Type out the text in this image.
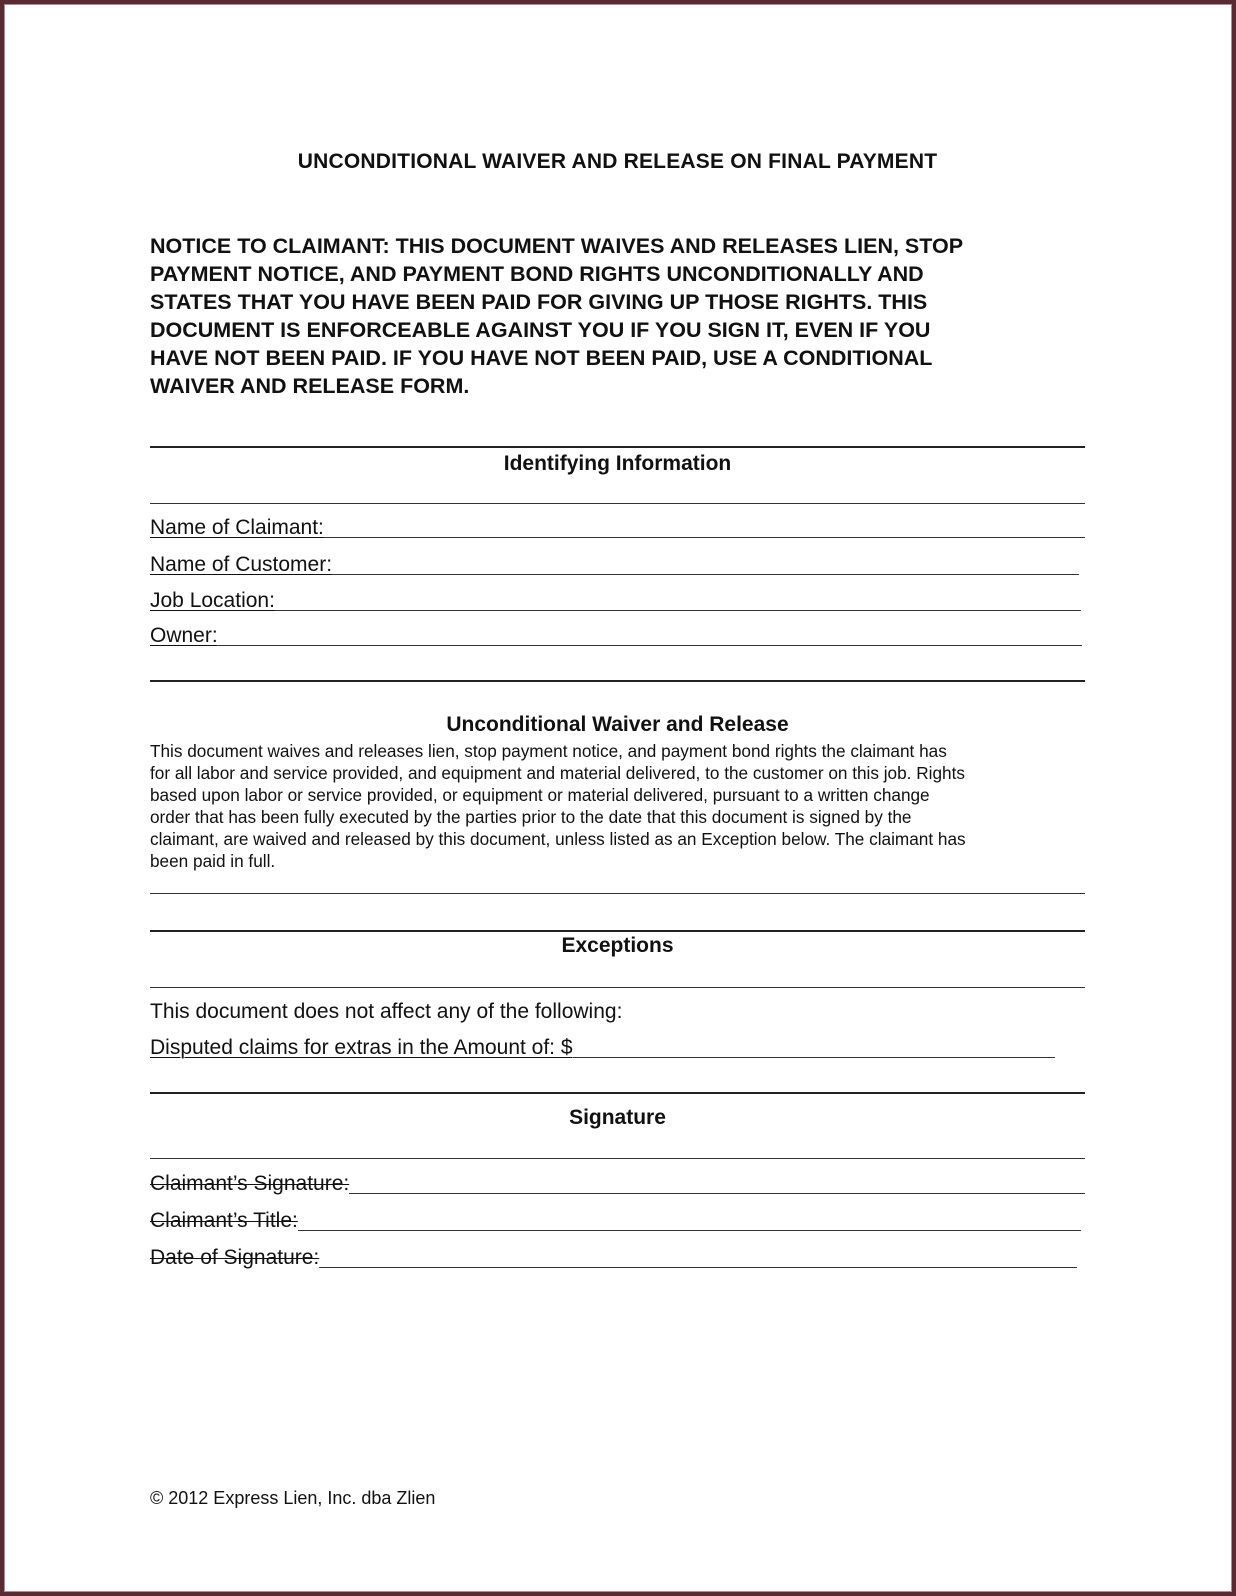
UNCONDITIONAL WAIVER AND RELEASE ON FINAL PAYMENT
NOTICE TO CLAIMANT: THIS DOCUMENT WAIVES AND RELEASES LIEN, STOP
PAYMENT NOTICE, AND PAYMENT BOND RIGHTS UNCONDITIONALLY AND
STATES THAT YOU HAVE BEEN PAID FOR GIVING UP THOSE RIGHTS. THIS
DOCUMENT IS ENFORCEABLE AGAINST YOU IF YOU SIGN IT, EVEN IF YOU
HAVE NOT BEEN PAID. IF YOU HAVE NOT BEEN PAID, USE A CONDITIONAL
WAIVER AND RELEASE FORM.
Identifying Information
Name of Claimant:
Name of Customer:
Job Location:
Owner:
Unconditional Waiver and Release
This document waives and releases lien, stop payment notice, and payment bond rights the claimant has
for all labor and service provided, and equipment and material delivered, to the customer on this job. Rights
based upon labor or service provided, or equipment or material delivered, pursuant to a written change
order that has been fully executed by the parties prior to the date that this document is signed by the
claimant, are waived and released by this document, unless listed as an Exception below. The claimant has
been paid in full.
Exceptions
This document does not affect any of the following:
Disputed claims for extras in the Amount of: $
Signature
Claimant’s Signature:
Claimant’s Title:
Date of Signature:
© 2012 Express Lien, Inc. dba Zlien
